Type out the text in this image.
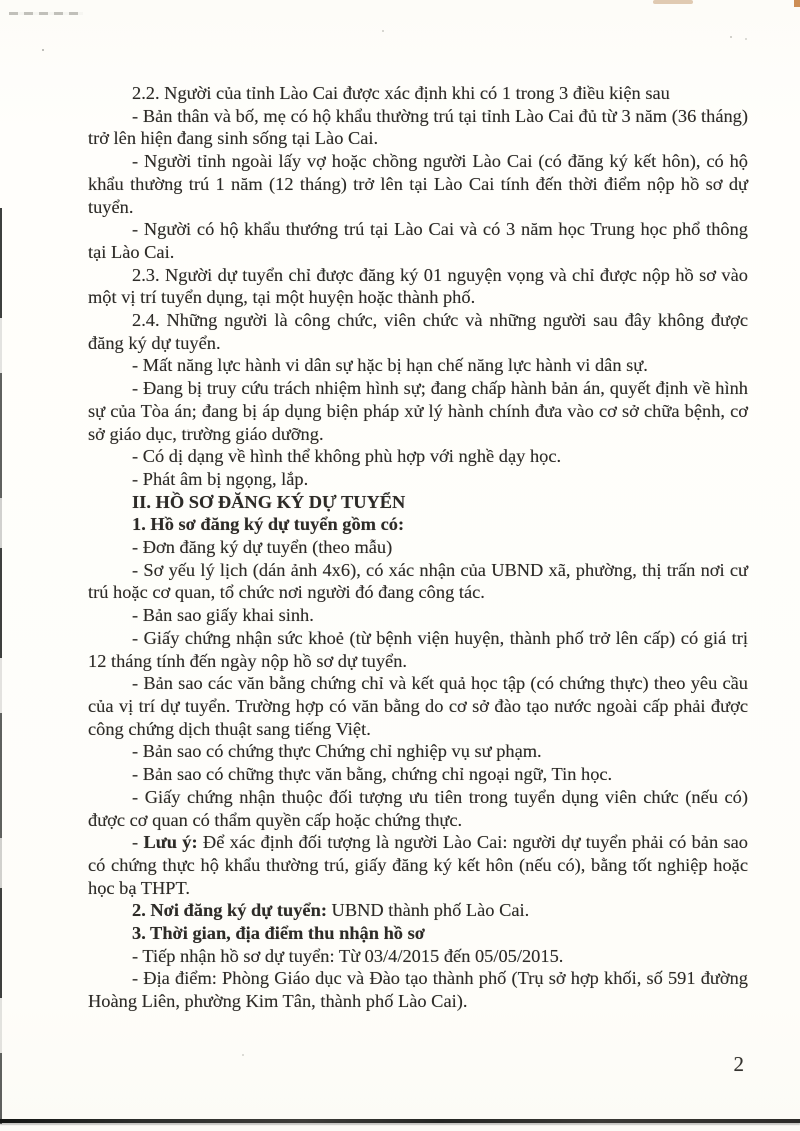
2.2. Người của tỉnh Lào Cai được xác định khi có 1 trong 3 điều kiện sau

- Bản thân và bố, mẹ có hộ khẩu thường trú tại tỉnh Lào Cai đủ từ 3 năm (36 tháng) trở lên hiện đang sinh sống tại Lào Cai.

- Người tỉnh ngoài lấy vợ hoặc chồng người Lào Cai (có đăng ký kết hôn), có hộ khẩu thường trú 1 năm (12 tháng) trở lên tại Lào Cai tính đến thời điểm nộp hồ sơ dự tuyển.

- Người có hộ khẩu thướng trú tại Lào Cai và có 3 năm học Trung học phổ thông tại Lào Cai.

2.3. Người dự tuyển chỉ được đăng ký 01 nguyện vọng và chỉ được nộp hồ sơ vào một vị trí tuyển dụng, tại một huyện hoặc thành phố.

2.4. Những người là công chức, viên chức và những người sau đây không được đăng ký dự tuyển.

- Mất năng lực hành vi dân sự hặc bị hạn chế năng lực hành vi dân sự.

- Đang bị truy cứu trách nhiệm hình sự; đang chấp hành bản án, quyết định về hình sự của Tòa án; đang bị áp dụng biện pháp xử lý hành chính đưa vào cơ sở chữa bệnh, cơ sở giáo dục, trường giáo dưỡng.

- Có dị dạng về hình thể không phù hợp với nghề dạy học.

- Phát âm bị ngọng, lắp.

II. HỒ SƠ ĐĂNG KÝ DỰ TUYỂN

1. Hồ sơ đăng ký dự tuyển gồm có:

- Đơn đăng ký dự tuyển (theo mẫu)

- Sơ yếu lý lịch (dán ảnh 4x6), có xác nhận của UBND xã, phường, thị trấn nơi cư trú hoặc cơ quan, tổ chức nơi người đó đang công tác.

- Bản sao giấy khai sinh.

- Giấy chứng nhận sức khoẻ (từ bệnh viện huyện, thành phố trở lên cấp) có giá trị 12 tháng tính đến ngày nộp hồ sơ dự tuyển.

- Bản sao các văn bằng chứng chỉ và kết quả học tập (có chứng thực) theo yêu cầu của vị trí dự tuyển. Trường hợp có văn bằng do cơ sở đào tạo nước ngoài cấp phải được công chứng dịch thuật sang tiếng Việt.

- Bản sao có chứng thực Chứng chỉ nghiệp vụ sư phạm.

- Bản sao có chững thực văn bằng, chứng chỉ ngoại ngữ, Tin học.

- Giấy chứng nhận thuộc đối tượng ưu tiên trong tuyển dụng viên chức (nếu có) được cơ quan có thẩm quyền cấp hoặc chứng thực.

- Lưu ý: Để xác định đối tượng là người Lào Cai: người dự tuyển phải có bản sao có chứng thực hộ khẩu thường trú, giấy đăng ký kết hôn (nếu có), bằng tốt nghiệp hoặc học bạ THPT.

2. Nơi đăng ký dự tuyển: UBND thành phố Lào Cai.

3. Thời gian, địa điểm thu nhận hồ sơ

- Tiếp nhận hồ sơ dự tuyển: Từ 03/4/2015 đến 05/05/2015.

- Địa điểm: Phòng Giáo dục và Đào tạo thành phố (Trụ sở hợp khối, số 591 đường Hoàng Liên, phường Kim Tân, thành phố Lào Cai).

2
